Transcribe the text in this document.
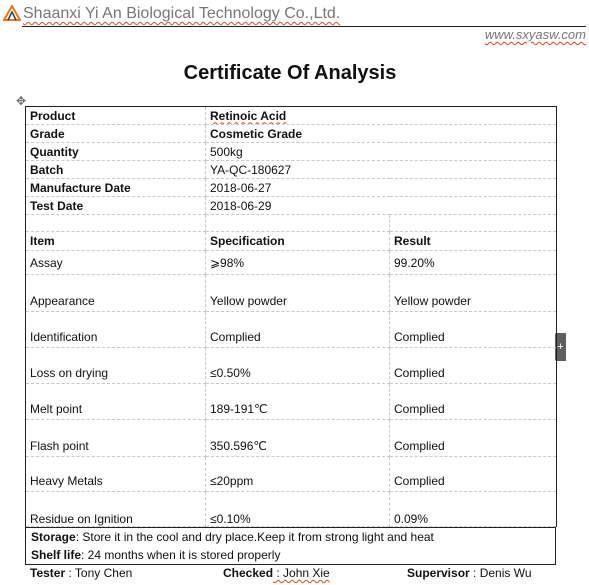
Shaanxi Yi An Biological Technology Co.,Ltd.
www.sxyasw.com
Certificate Of Analysis
✥
+
Product	Retinoic Acid	
Grade	Cosmetic Grade	
Quantity	500kg	
Batch	YA-QC-180627	
Manufacture Date	2018-06-27	
Test Date	2018-06-29	

Item	Specification	Result
Assay	⩾98%	99.20%
Appearance	Yellow powder	Yellow powder
Identification	Complied	Complied
Loss on drying	≤0.50%	Complied
Melt point	189-191℃	Complied
Flash point	350.596℃	Complied
Heavy Metals	≤20ppm	Complied
Residue on Ignition	≤0.10%	0.09%
Storage: Store it in the cool and dry place.Keep it from strong light and heat
Shelf life: 24 months when it is stored properly
Tester : Tony Chen	Checked : John Xie	Supervisor : Denis Wu
